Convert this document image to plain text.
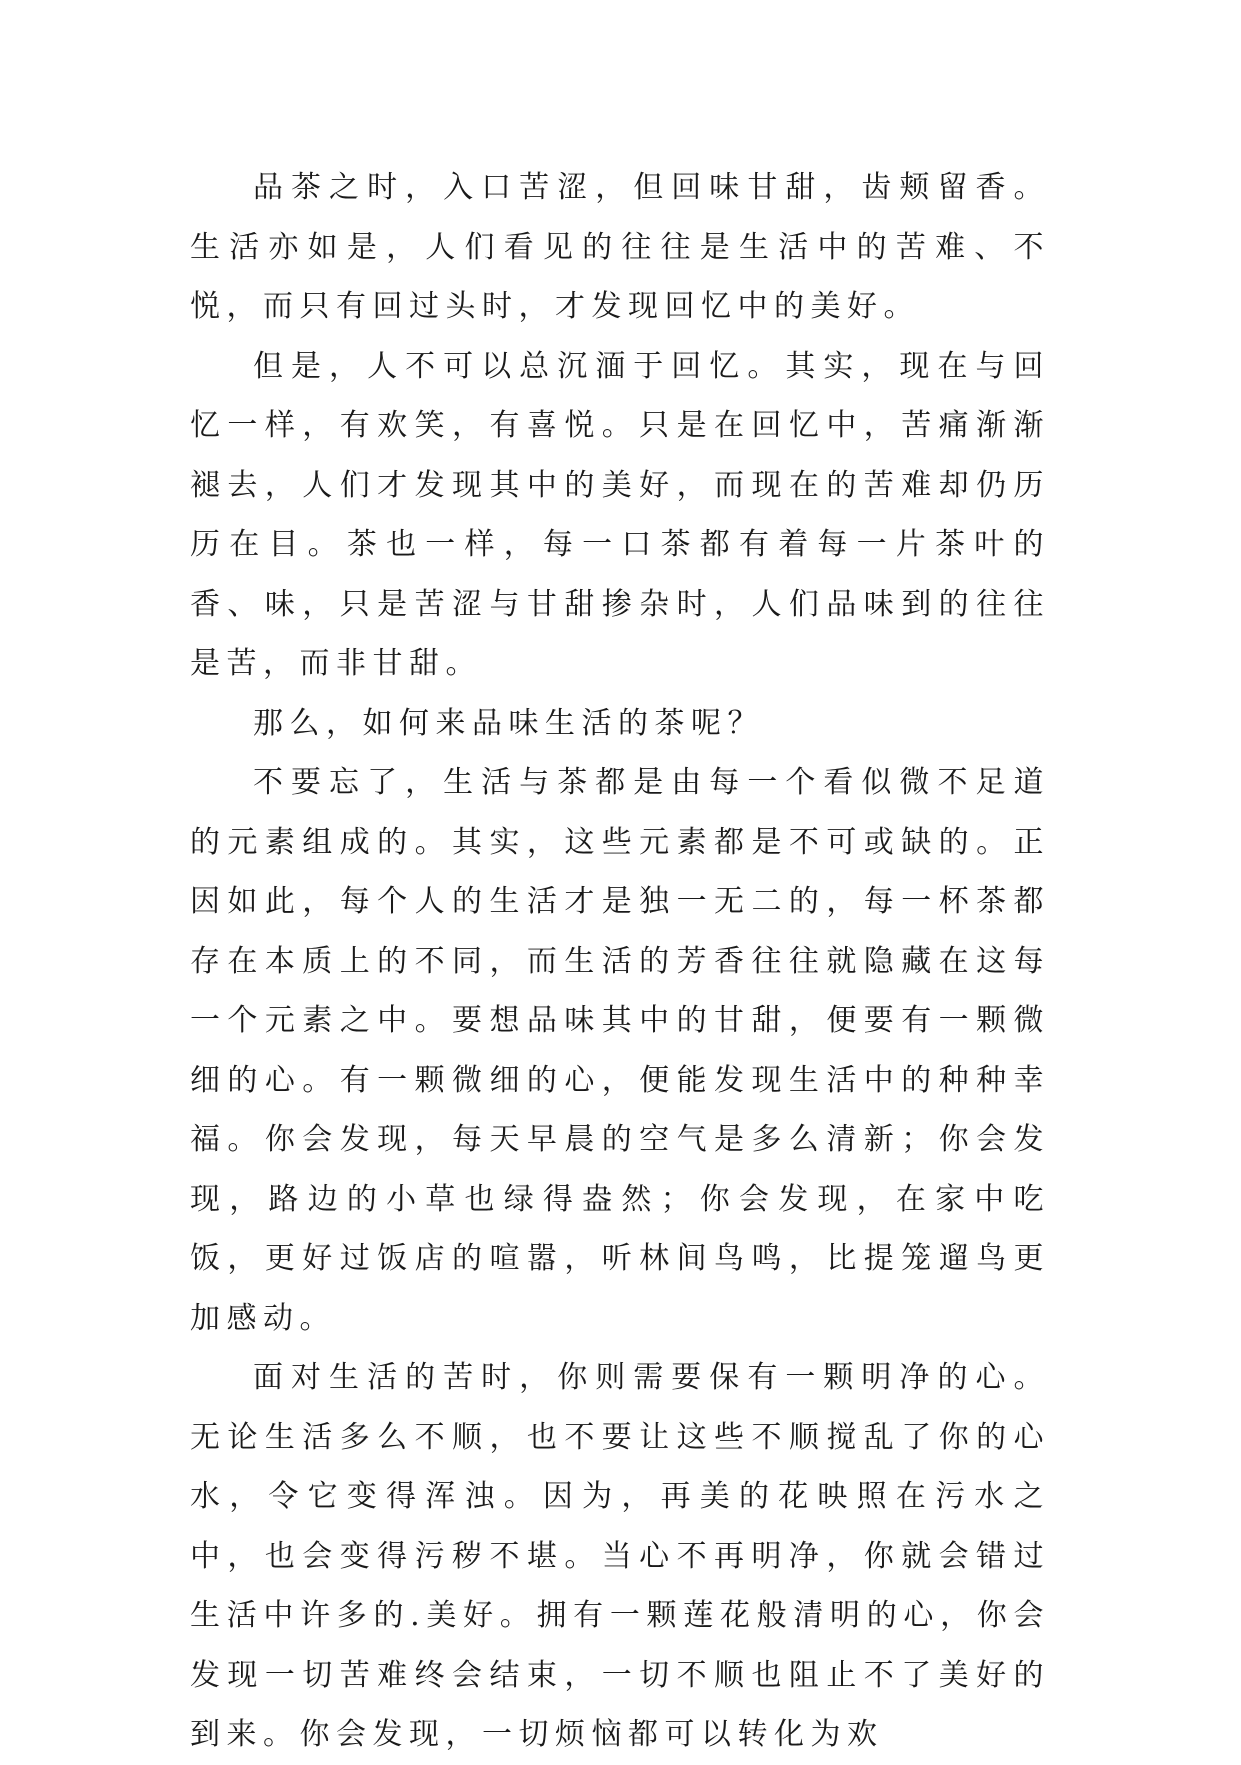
品茶之时，入口苦涩，但回味甘甜，齿颊留香。生活亦如是，人们看见的往往是生活中的苦难、不悦，而只有回过头时，才发现回忆中的美好。

但是，人不可以总沉湎于回忆。其实，现在与回忆一样，有欢笑，有喜悦。只是在回忆中，苦痛渐渐褪去，人们才发现其中的美好，而现在的苦难却仍历历在目。茶也一样，每一口茶都有着每一片茶叶的香、味，只是苦涩与甘甜掺杂时，人们品味到的往往是苦，而非甘甜。

那么，如何来品味生活的茶呢？

不要忘了，生活与茶都是由每一个看似微不足道的元素组成的。其实，这些元素都是不可或缺的。正因如此，每个人的生活才是独一无二的，每一杯茶都存在本质上的不同，而生活的芳香往往就隐藏在这每一个元素之中。要想品味其中的甘甜，便要有一颗微细的心。有一颗微细的心，便能发现生活中的种种幸福。你会发现，每天早晨的空气是多么清新；你会发现，路边的小草也绿得盎然；你会发现，在家中吃饭，更好过饭店的喧嚣，听林间鸟鸣，比提笼遛鸟更加感动。

面对生活的苦时，你则需要保有一颗明净的心。无论生活多么不顺，也不要让这些不顺搅乱了你的心水，令它变得浑浊。因为，再美的花映照在污水之中，也会变得污秽不堪。当心不再明净，你就会错过生活中许多的.美好。拥有一颗莲花般清明的心，你会发现一切苦难终会结束，一切不顺也阻止不了美好的到来。你会发现，一切烦恼都可以转化为欢
